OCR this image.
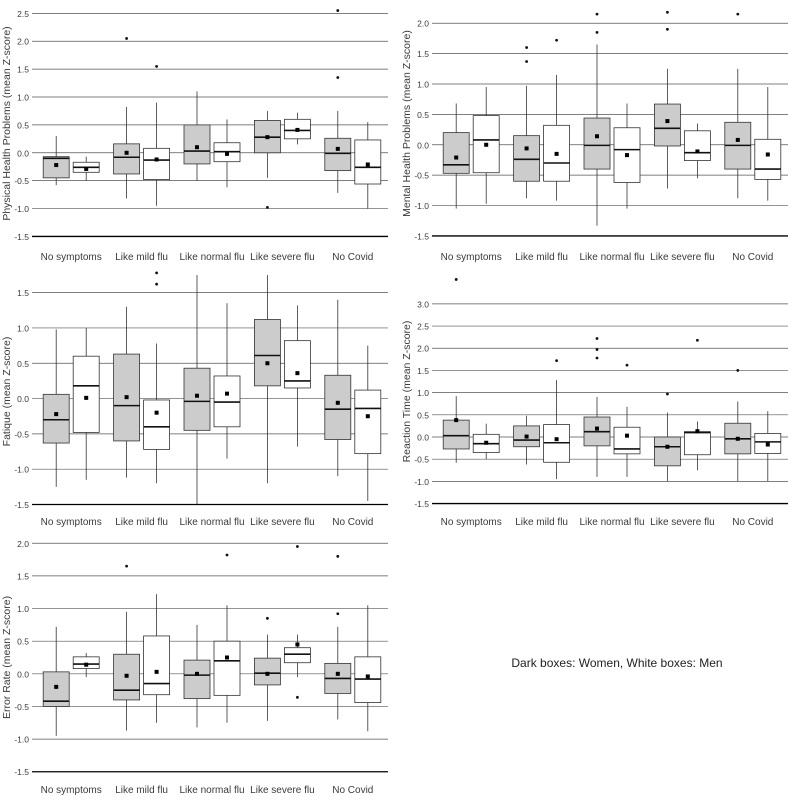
-1.5
-1.0
-0.5
0.0
0.5
1.0
1.5
2.0
2.5
Physical Health Problems (mean Z-score)
No symptoms Like mild flu Like normal flu Like severe flu No Covid
-1.5
-1.0
-0.5
0.0
0.5
1.0
1.5
2.0
Mental Health Problems (mean Z-score)
No symptoms Like mild flu Like normal flu Like severe flu No Covid
-1.5
-1.0
-0.5
0.0
0.5
1.0
1.5
Fatique (mean Z-score)
No symptoms Like mild flu Like normal flu Like severe flu No Covid
-1.5
-1.0
-0.5
0.0
0.5
1.0
1.5
2.0
2.5
3.0
Reaction Time (mean Z-score)
No symptoms Like mild flu Like normal flu Like severe flu No Covid
-1.5
-1.0
-0.5
0.0
0.5
1.0
1.5
2.0
Error Rate (mean Z-score)
No symptoms Like mild flu Like normal flu Like severe flu No Covid
Dark boxes: Women, White boxes: Men
